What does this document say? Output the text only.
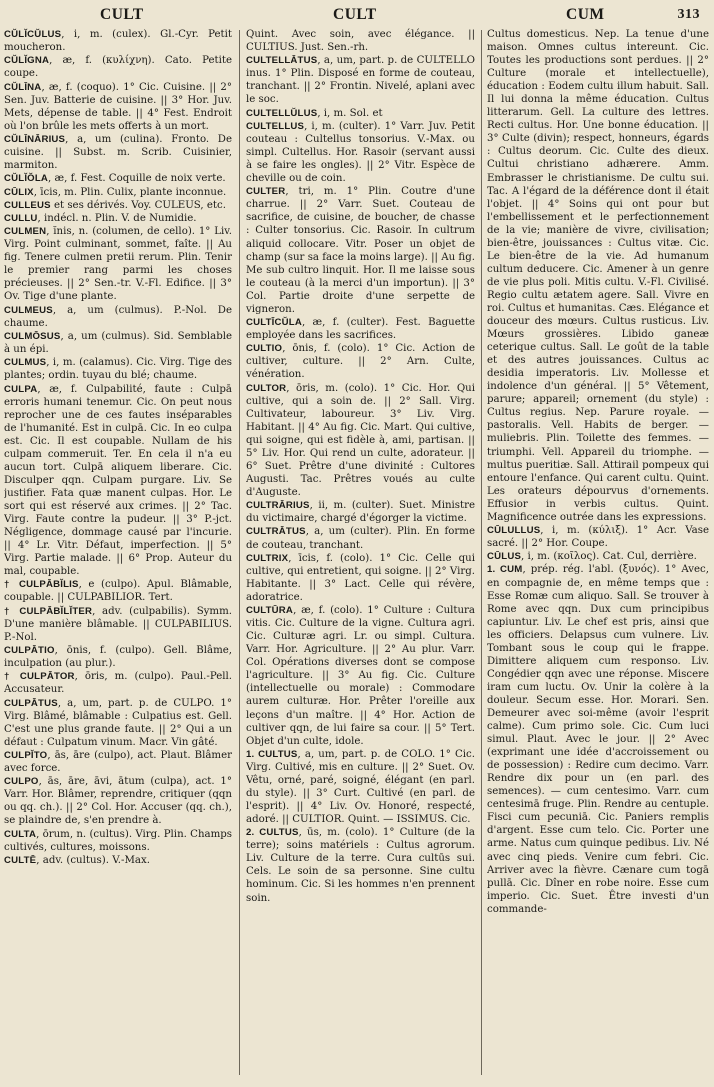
CULT	CULT	CUM	313

CŬLĬCŬLUS, i, m. (culex). Gl.-Cyr. Petit moucheron.

CŬLĬGNA, æ, f. (κυλίχνη). Cato. Petite coupe.

CŬLĪNA, æ, f. (coquo). 1° Cic. Cuisine. || 2° Sen. Juv. Batterie de cuisine. || 3° Hor. Juv. Mets, dépense de table. || 4° Fest. Endroit où l'on brûle les mets offerts à un mort.

CŬLĪNĀRIUS, a, um (culina). Fronto. De cuisine. || Subst. m. Scrib. Cuisinier, marmiton.

CŬLĬŎLA, æ, f. Fest. Coquille de noix verte.

CŪLIX, īcis, m. Plin. Culix, plante inconnue.

CULLEUS et ses dérivés. Voy. CULEUS, etc.

CULLU, indécl. n. Plin. V. de Numidie.

CULMEN, ĭnis, n. (columen, de cello). 1° Liv. Virg. Point culminant, sommet, faîte. || Au fig. Tenere culmen pretii rerum. Plin. Tenir le premier rang parmi les choses précieuses. || 2° Sen.-tr. V.-Fl. Edifice. || 3° Ov. Tige d'une plante.

CULMEUS, a, um (culmus). P.-Nol. De chaume.

CULMŌSUS, a, um (culmus). Sid. Semblable à un épi.

CULMUS, i, m. (calamus). Cic. Virg. Tige des plantes; ordin. tuyau du blé; chaume.

CULPA, æ, f. Culpabilité, faute : Culpā erroris humani tenemur. Cic. On peut nous reprocher une de ces fautes inséparables de l'humanité. Est in culpā. Cic. In eo culpa est. Cic. Il est coupable. Nullam de his culpam commeruit. Ter. En cela il n'a eu aucun tort. Culpā aliquem liberare. Cic. Disculper qqn. Culpam purgare. Liv. Se justifier. Fata quæ manent culpas. Hor. Le sort qui est réservé aux crimes. || 2° Tac. Virg. Faute contre la pudeur. || 3° P.-jct. Négligence, dommage causé par l'incurie. || 4° Lr. Vitr. Défaut, imperfection. || 5° Virg. Partie malade. || 6° Prop. Auteur du mal, coupable.

† CULPĀBĬLIS, e (culpo). Apul. Blâmable, coupable. || CULPABILIOR. Tert.

† CULPĀBĬLĬTER, adv. (culpabilis). Symm. D'une manière blâmable. || CULPABILIUS. P.-Nol.

CULPĀTIO, ōnis, f. (culpo). Gell. Blâme, inculpation (au plur.).

† CULPĀTOR, ōris, m. (culpo). Paul.-Pell. Accusateur.

CULPĀTUS, a, um, part. p. de CULPO. 1° Virg. Blâmé, blâmable : Culpatius est. Gell. C'est une plus grande faute. || 2° Qui a un défaut : Culpatum vinum. Macr. Vin gâté.

CULPĬTO, ās, āre (culpo), act. Plaut. Blâmer avec force.

CULPO, ās, āre, āvi, ātum (culpa), act. 1° Varr. Hor. Blâmer, reprendre, critiquer (qqn ou qq. ch.). || 2° Col. Hor. Accuser (qq. ch.), se plaindre de, s'en prendre à.

CULTA, ōrum, n. (cultus). Virg. Plin. Champs cultivés, cultures, moissons.

CULTĒ, adv. (cultus). V.-Max.

Quint. Avec soin, avec élégance. || CULTIUS. Just. Sen.-rh.

CULTELLĀTUS, a, um, part. p. de CULTELLO inus. 1° Plin. Disposé en forme de couteau, tranchant. || 2° Frontin. Nivelé, aplani avec le soc.

CULTELLŬLUS, i, m. Sol. et

CULTELLUS, i, m. (culter). 1° Varr. Juv. Petit couteau : Cultellus tonsorius. V.-Max. ou simpl. Cultellus. Hor. Rasoir (servant aussi à se faire les ongles). || 2° Vitr. Espèce de cheville ou de coin.

CULTER, tri, m. 1° Plin. Coutre d'une charrue. || 2° Varr. Suet. Couteau de sacrifice, de cuisine, de boucher, de chasse : Culter tonsorius. Cic. Rasoir. In cultrum aliquid collocare. Vitr. Poser un objet de champ (sur sa face la moins large). || Au fig. Me sub cultro linquit. Hor. Il me laisse sous le couteau (à la merci d'un importun). || 3° Col. Partie droite d'une serpette de vigneron.

CULTĪCŬLA, æ, f. (culter). Fest. Baguette employée dans les sacrifices.

CULTIO, ōnis, f. (colo). 1° Cic. Action de cultiver, culture. || 2° Arn. Culte, vénération.

CULTOR, ōris, m. (colo). 1° Cic. Hor. Qui cultive, qui a soin de. || 2° Sall. Virg. Cultivateur, laboureur. 3° Liv. Virg. Habitant. || 4° Au fig. Cic. Mart. Qui cultive, qui soigne, qui est fidèle à, ami, partisan. || 5° Liv. Hor. Qui rend un culte, adorateur. || 6° Suet. Prêtre d'une divinité : Cultores Augusti. Tac. Prêtres voués au culte d'Auguste.

CULTRĀRIUS, ii, m. (culter). Suet. Ministre du victimaire, chargé d'égorger la victime.

CULTRĀTUS, a, um (culter). Plin. En forme de couteau, tranchant.

CULTRIX, īcis, f. (colo). 1° Cic. Celle qui cultive, qui entretient, qui soigne. || 2° Virg. Habitante. || 3° Lact. Celle qui révère, adoratrice.

CULTŪRA, æ, f. (colo). 1° Culture : Cultura vitis. Cic. Culture de la vigne. Cultura agri. Cic. Culturæ agri. Lr. ou simpl. Cultura. Varr. Hor. Agriculture. || 2° Au plur. Varr. Col. Opérations diverses dont se compose l'agriculture. || 3° Au fig. Cic. Culture (intellectuelle ou morale) : Commodare aurem culturæ. Hor. Prêter l'oreille aux leçons d'un maître. || 4° Hor. Action de cultiver qqn, de lui faire sa cour. || 5° Tert. Objet d'un culte, idole.

1. CULTUS, a, um, part. p. de COLO. 1° Cic. Virg. Cultivé, mis en culture. || 2° Suet. Ov. Vêtu, orné, paré, soigné, élégant (en parl. du style). || 3° Curt. Cultivé (en parl. de l'esprit). || 4° Liv. Ov. Honoré, respecté, adoré. || CULTIOR. Quint. — ISSIMUS. Cic.

2. CULTUS, ūs, m. (colo). 1° Culture (de la terre); soins matériels : Cultus agrorum. Liv. Culture de la terre. Cura cultūs sui. Cels. Le soin de sa personne. Sine cultu hominum. Cic. Si les hommes n'en prennent soin.

Cultus domesticus. Nep. La tenue d'une maison. Omnes cultus intereunt. Cic. Toutes les productions sont perdues. || 2° Culture (morale et intellectuelle), éducation : Eodem cultu illum habuit. Sall. Il lui donna la même éducation. Cultus litterarum. Gell. La culture des lettres. Recti cultus. Hor. Une bonne éducation. || 3° Culte (divin); respect, honneurs, égards : Cultus deorum. Cic. Culte des dieux. Cultui christiano adhærere. Amm. Embrasser le christianisme. De cultu sui. Tac. A l'égard de la déférence dont il était l'objet. || 4° Soins qui ont pour but l'embellissement et le perfectionnement de la vie; manière de vivre, civilisation; bien-être, jouissances : Cultus vitæ. Cic. Le bien-être de la vie. Ad humanum cultum deducere. Cic. Amener à un genre de vie plus poli. Mitis cultu. V.-Fl. Civilisé. Regio cultu ætatem agere. Sall. Vivre en roi. Cultus et humanitas. Cæs. Elégance et douceur des mœurs. Cultus rusticus. Liv. Mœurs grossières. Libido ganeæ ceterique cultus. Sall. Le goût de la table et des autres jouissances. Cultus ac desidia imperatoris. Liv. Mollesse et indolence d'un général. || 5° Vêtement, parure; appareil; ornement (du style) : Cultus regius. Nep. Parure royale. — pastoralis. Vell. Habits de berger. — muliebris. Plin. Toilette des femmes. — triumphi. Vell. Appareil du triomphe. — multus pueritiæ. Sall. Attirail pompeux qui entoure l'enfance. Qui carent cultu. Quint. Les orateurs dépourvus d'ornements. Effusior in verbis cultus. Quint. Magnificence outrée dans les expressions.

CŪLULLUS, i, m. (κύλιξ). 1° Acr. Vase sacré. || 2° Hor. Coupe.

CŪLUS, i, m. (κοῖλος). Cat. Cul, derrière.

1. CUM, prép. rég. l'abl. (ξυνός). 1° Avec, en compagnie de, en même temps que : Esse Romæ cum aliquo. Sall. Se trouver à Rome avec qqn. Dux cum principibus capiuntur. Liv. Le chef est pris, ainsi que les officiers. Delapsus cum vulnere. Liv. Tombant sous le coup qui le frappe. Dimittere aliquem cum responso. Liv. Congédier qqn avec une réponse. Miscere iram cum luctu. Ov. Unir la colère à la douleur. Secum esse. Hor. Morari. Sen. Demeurer avec soi-même (avoir l'esprit calme). Cum primo sole. Cic. Cum luci simul. Plaut. Avec le jour. || 2° Avec (exprimant une idée d'accroissement ou de possession) : Redire cum decimo. Varr. Rendre dix pour un (en parl. des semences). — cum centesimo. Varr. cum centesimā fruge. Plin. Rendre au centuple. Fisci cum pecuniā. Cic. Paniers remplis d'argent. Esse cum telo. Cic. Porter une arme. Natus cum quinque pedibus. Liv. Né avec cinq pieds. Venire cum febri. Cic. Arriver avec la fièvre. Cænare cum togā pullā. Cic. Dîner en robe noire. Esse cum imperio. Cic. Suet. Être investi d'un commande-
